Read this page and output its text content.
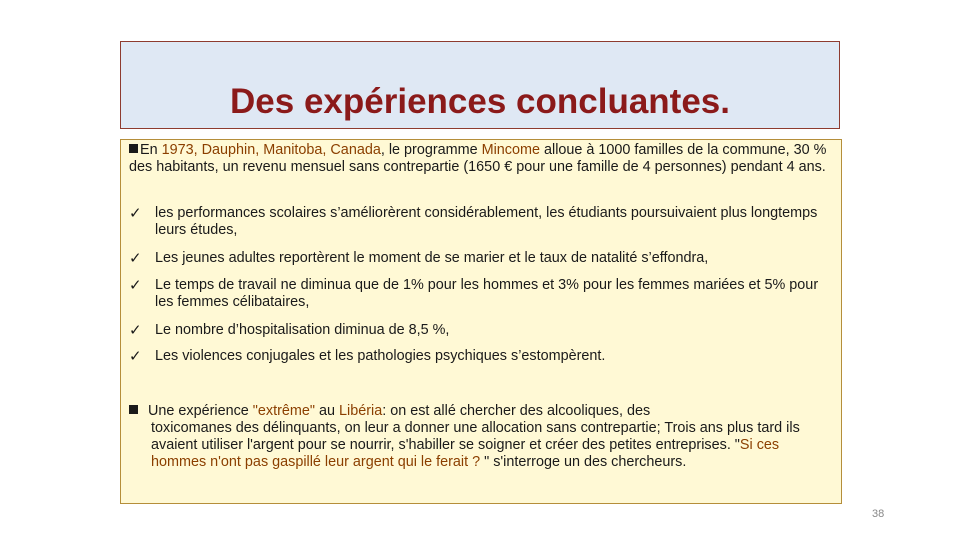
Des expériences concluantes.
En 1973, Dauphin, Manitoba, Canada, le programme Mincome alloue à 1000 familles de la commune, 30 % des habitants, un revenu mensuel sans contrepartie (1650 € pour une famille de 4 personnes) pendant 4 ans.
✓ les performances scolaires s’améliorèrent considérablement, les étudiants poursuivaient plus longtemps leurs études,
✓ Les jeunes adultes reportèrent le moment de se marier et le taux de natalité s’effondra,
✓ Le temps de travail ne diminua que de 1% pour les hommes et 3% pour les femmes mariées et 5% pour les femmes célibataires,
✓ Le nombre d’hospitalisation diminua de 8,5 %,
✓ Les violences conjugales et les pathologies psychiques s’estompèrent.
Une expérience "extrême" au Libéria: on est allé chercher des alcooliques, des
toxicomanes des délinquants, on leur a donner une allocation sans contrepartie; Trois ans plus tard ils avaient utiliser l'argent pour se nourrir, s'habiller se soigner et créer des petites entreprises. "Si ces hommes n'ont pas gaspillé leur argent qui le ferait ? " s'interroge un des chercheurs.
38
